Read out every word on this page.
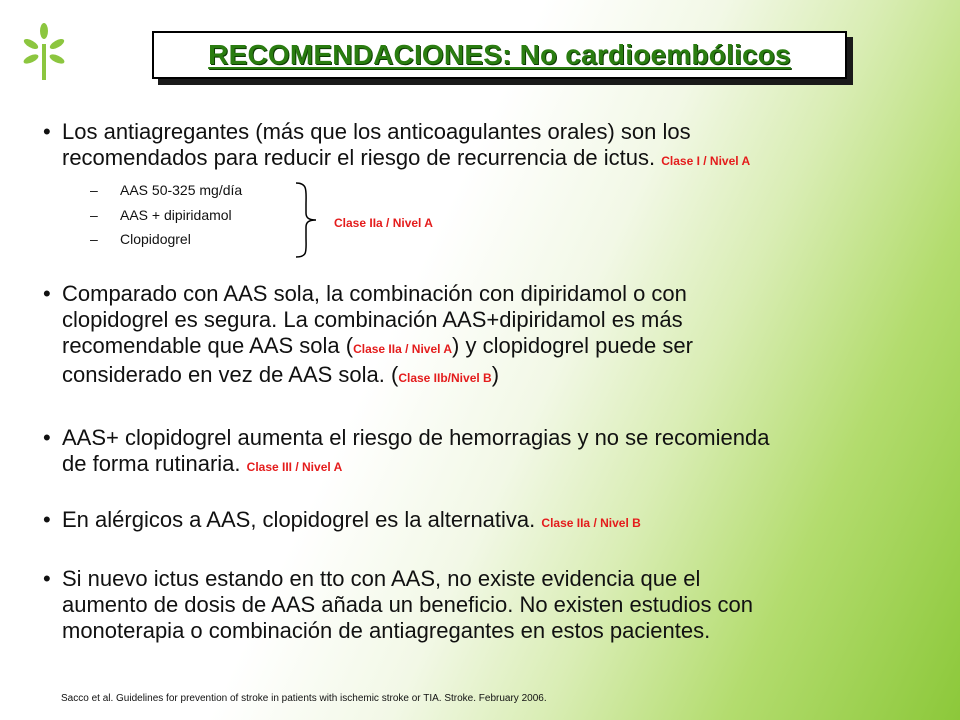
RECOMENDACIONES: No cardioembólicos
• Los antiagregantes (más que los anticoagulantes orales) son los
recomendados para reducir el riesgo de recurrencia de ictus. Clase I / Nivel A
– AAS 50-325 mg/día
– AAS + dipiridamol
– Clopidogrel
Clase IIa / Nivel A
• Comparado con AAS sola, la combinación con dipiridamol o con
clopidogrel es segura. La combinación AAS+dipiridamol es más
recomendable que AAS sola (Clase IIa / Nivel A) y clopidogrel puede ser
considerado en vez de AAS sola. (Clase IIb/Nivel B)
• AAS+ clopidogrel aumenta el riesgo de hemorragias y no se recomienda
de forma rutinaria. Clase III / Nivel A
• En alérgicos a AAS, clopidogrel es la alternativa. Clase IIa / Nivel B
• Si nuevo ictus estando en tto con AAS, no existe evidencia que el
aumento de dosis de AAS añada un beneficio. No existen estudios con
monoterapia o combinación de antiagregantes en estos pacientes.
Sacco et al. Guidelines for prevention of stroke in patients with ischemic stroke or TIA. Stroke. February 2006.
